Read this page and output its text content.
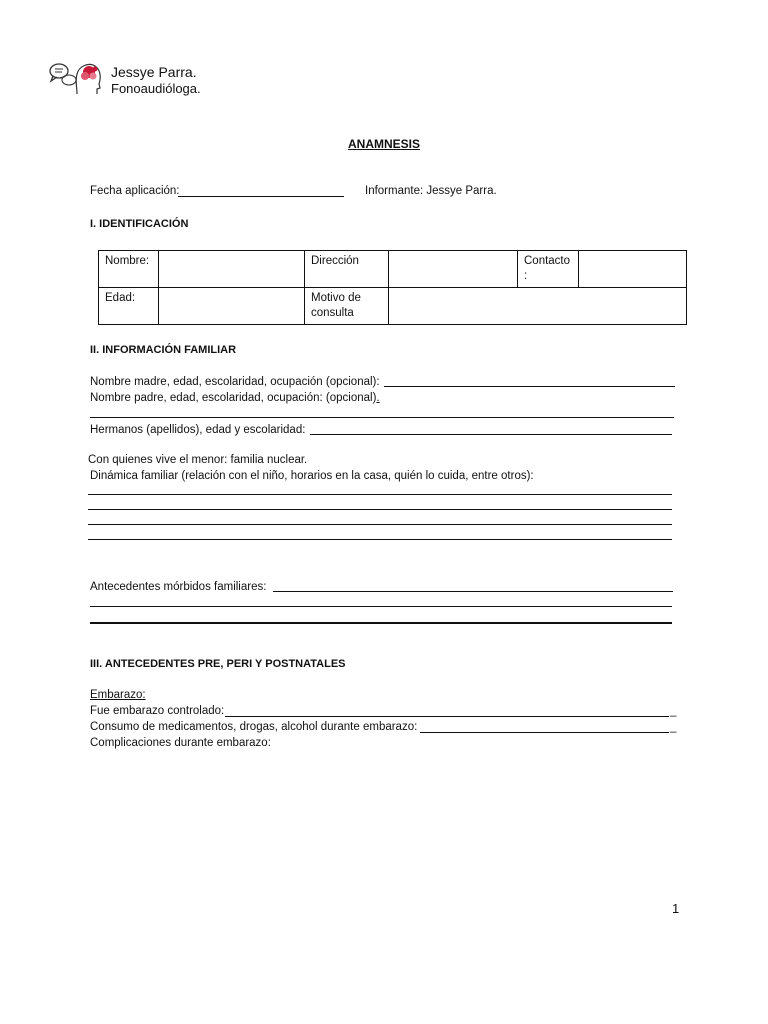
Jessye Parra.
Fonoaudióloga.
ANAMNESIS
Fecha aplicación:	Informante: Jessye Parra.
I. IDENTIFICACIÓN
Nombre:		Dirección		Contacto
:	
Edad:		Motivo de consulta			
II. INFORMACIÓN FAMILIAR
Nombre madre, edad, escolaridad, ocupación (opcional):
Nombre padre, edad, escolaridad, ocupación: (opcional).
Hermanos (apellidos), edad y escolaridad:
Con quienes vive el menor: familia nuclear.
Dinámica familiar (relación con el niño, horarios en la casa, quién lo cuida, entre otros):
Antecedentes mórbidos familiares:
III. ANTECEDENTES PRE, PERI Y POSTNATALES
Embarazo:
Fue embarazo controlado:	_
Consumo de medicamentos, drogas, alcohol durante embarazo:	_
Complicaciones durante embarazo:
1
